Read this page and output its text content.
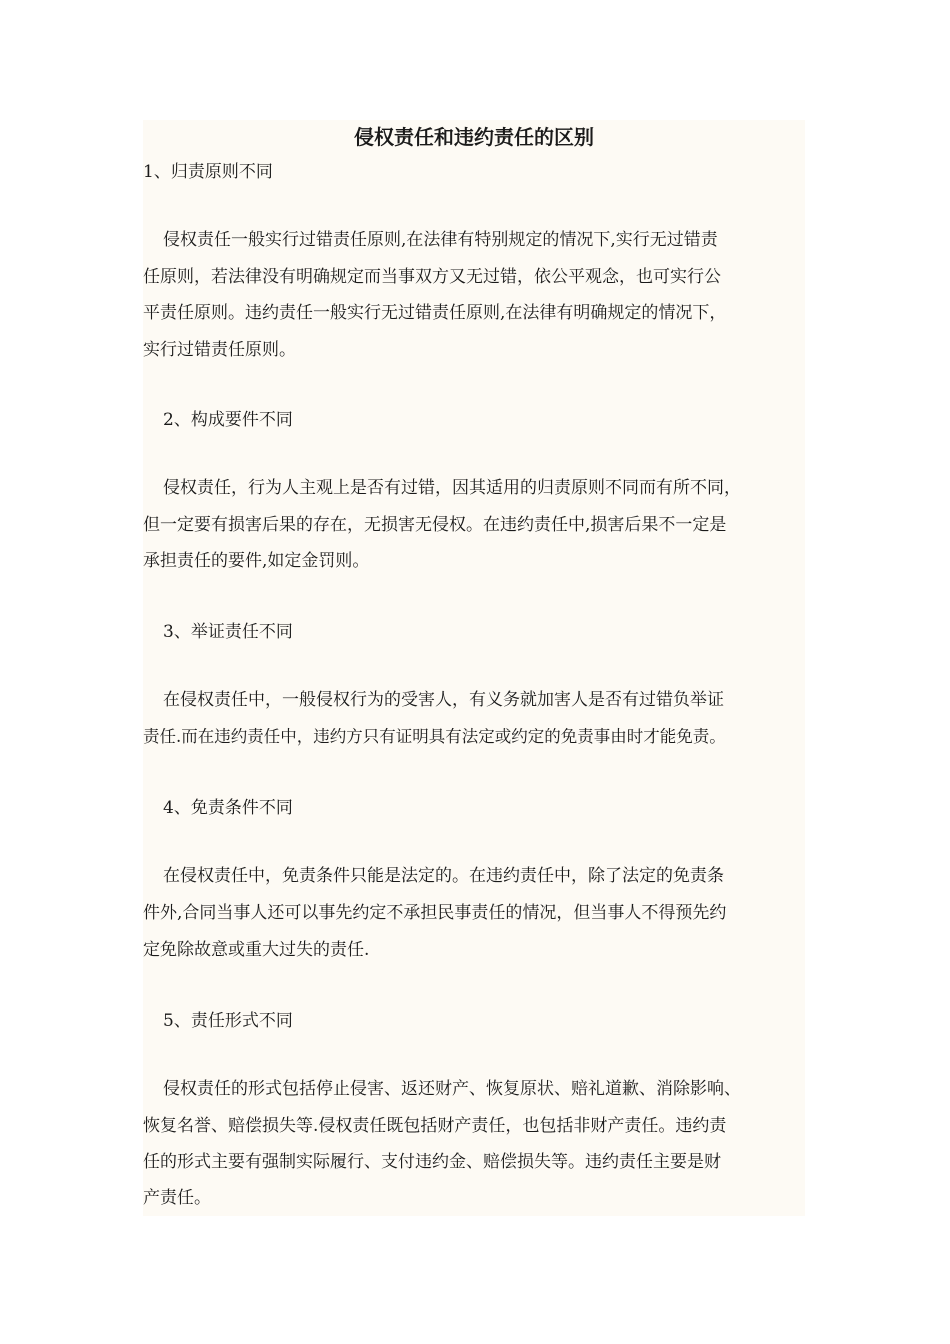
侵权责任和违约责任的区别

1、归责原则不同

侵权责任一般实行过错责任原则,在法律有特别规定的情况下,实行无过错责

任原则，若法律没有明确规定而当事双方又无过错，依公平观念，也可实行公

平责任原则。违约责任一般实行无过错责任原则,在法律有明确规定的情况下，

实行过错责任原则。

2、构成要件不同

侵权责任，行为人主观上是否有过错，因其适用的归责原则不同而有所不同，

但一定要有损害后果的存在，无损害无侵权。在违约责任中,损害后果不一定是

承担责任的要件,如定金罚则。

3、举证责任不同

在侵权责任中，一般侵权行为的受害人，有义务就加害人是否有过错负举证

责任.而在违约责任中，违约方只有证明具有法定或约定的免责事由时才能免责。

4、免责条件不同

在侵权责任中，免责条件只能是法定的。在违约责任中，除了法定的免责条

件外,合同当事人还可以事先约定不承担民事责任的情况，但当事人不得预先约

定免除故意或重大过失的责任.

5、责任形式不同

侵权责任的形式包括停止侵害、返还财产、恢复原状、赔礼道歉、消除影响、

恢复名誉、赔偿损失等.侵权责任既包括财产责任，也包括非财产责任。违约责

任的形式主要有强制实际履行、支付违约金、赔偿损失等。违约责任主要是财

产责任。
